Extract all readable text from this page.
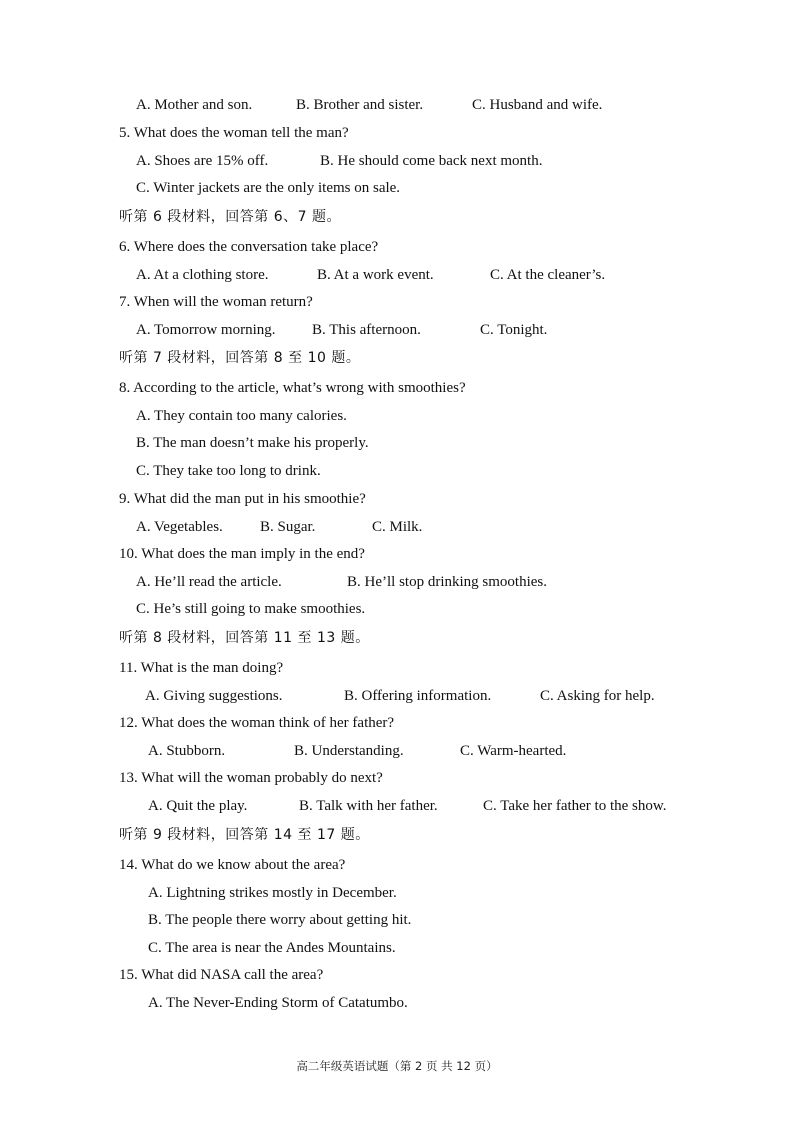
A. Mother and son.	B. Brother and sister.	C. Husband and wife.
5. What does the woman tell the man?
A. Shoes are 15% off.	B. He should come back next month.
C. Winter jackets are the only items on sale.
听第 6 段材料，回答第 6、7 题。
6. Where does the conversation take place?
A. At a clothing store.	B. At a work event.	C. At the cleaner’s.
7. When will the woman return?
A. Tomorrow morning. B. This afternoon.	C. Tonight.
听第 7 段材料，回答第 8 至 10 题。
8. According to the article, what’s wrong with smoothies?
A. They contain too many calories.
B. The man doesn’t make his properly.
C. They take too long to drink.
9. What did the man put in his smoothie?
A. Vegetables. B. Sugar.	C. Milk.
10. What does the man imply in the end?
A. He’ll read the article.	B. He’ll stop drinking smoothies.
C. He’s still going to make smoothies.
听第 8 段材料，回答第 11 至 13 题。
11. What is the man doing?
A. Giving suggestions.	B. Offering information.	C. Asking for help.
12. What does the woman think of her father?
A. Stubborn.	B. Understanding.	C. Warm-hearted.
13. What will the woman probably do next?
A. Quit the play.	B. Talk with her father.	C. Take her father to the show.
听第 9 段材料，回答第 14 至 17 题。
14. What do we know about the area?
A. Lightning strikes mostly in December.
B. The people there worry about getting hit.
C. The area is near the Andes Mountains.
15. What did NASA call the area?
A. The Never-Ending Storm of Catatumbo.
高二年级英语试题（第 2 页 共 12 页）
